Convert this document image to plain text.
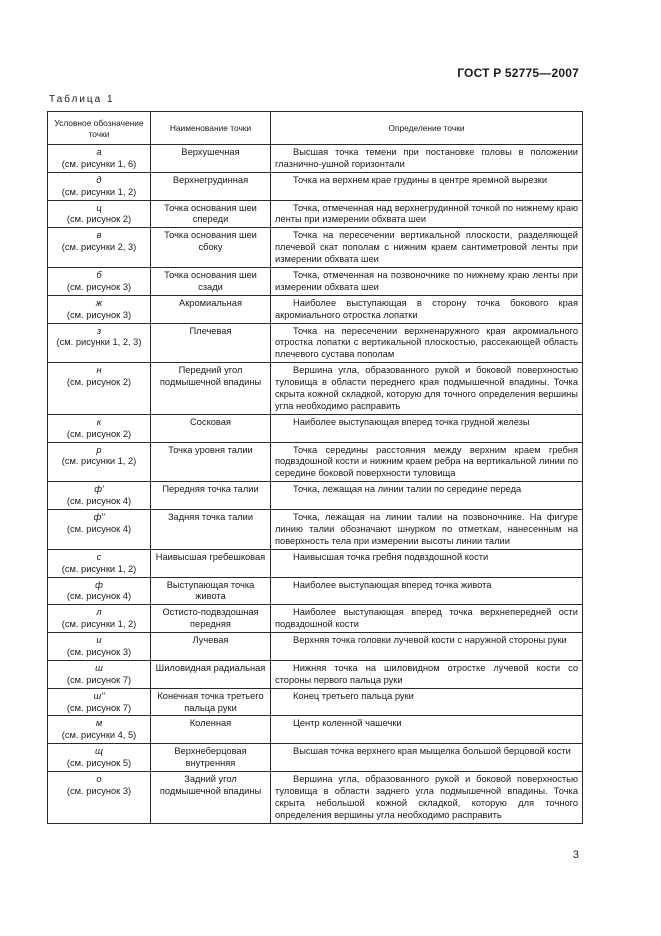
ГОСТ Р 52775—2007
Таблица 1
Условное обозначение точки	Наименование точки	Определение точки

а
(см. рисунки 1, 6)	Верхушечная	Высшая точка темени при постановке головы в положении глазнично-ушной горизонтали

д
(см. рисунки 1, 2)	Верхнегрудинная	Точка на верхнем крае грудины в центре яремной вырезки

ц
(см. рисунок 2)	Точка основания шеи спереди	Точка, отмеченная над верхнегрудинной точкой по нижнему краю ленты при измерении обхвата шеи

в
(см. рисунки 2, 3)	Точка основания шеи сбоку	Точка на пересечении вертикальной плоскости, разделяющей плечевой скат пополам с нижним краем сантиметровой ленты при измерении обхвата шеи

б
(см. рисунок 3)	Точка основания шеи сзади	Точка, отмеченная на позвоночнике по нижнему краю ленты при измерении обхвата шеи

ж
(см. рисунок 3)	Акромиальная	Наиболее выступающая в сторону точка бокового края акромиального отростка лопатки

з
(см. рисунки 1, 2, 3)	Плечевая	Точка на пересечении верхненаружного края акромиального отростка лопатки с вертикальной плоскостью, рассекающей область плечевого сустава пополам

н
(см. рисунок 2)	Передний угол подмышечной впадины	Вершина угла, образованного рукой и боковой поверхностью туловища в области переднего края подмышечной впадины. Точка скрыта кожной складкой, которую для точного определения вершины угла необходимо расправить

к
(см. рисунок 2)	Сосковая	Наиболее выступающая вперед точка грудной железы

р
(см. рисунки 1, 2)	Точка уровня талии	Точка середины расстояния между верхним краем гребня подвздошной кости и нижним краем ребра на вертикальной линии по середине боковой поверхности туловища

ф'
(см. рисунок 4)	Передняя точка талии	Точка, лежащая на линии талии по середине переда

ф"
(см. рисунок 4)	Задняя точка талии	Точка, лежащая на линии талии на позвоночнике. На фигуре линию талии обозначают шнурком по отметкам, нанесенным на поверхность тела при измерении высоты линии талии

с
(см. рисунки 1, 2)	Наивысшая гребешковая	Наивысшая точка гребня подвздошной кости

ф
(см. рисунок 4)	Выступающая точка живота	Наиболее выступающая вперед точка живота

л
(см. рисунки 1, 2)	Остисто-подвздошная передняя	Наиболее выступающая вперед точка верхнепередней ости подвздошной кости

и
(см. рисунок 3)	Лучевая	Верхняя точка головки лучевой кости с наружной стороны руки

ш
(см. рисунок 7)	Шиловидная радиальная	Нижняя точка на шиловидном отростке лучевой кости со стороны первого пальца руки

ш"
(см. рисунок 7)	Конечная точка третьего пальца руки	Конец третьего пальца руки

м
(см. рисунки 4, 5)	Коленная	Центр коленной чашечки

щ
(см. рисунок 5)	Верхнеберцовая внутренняя	Высшая точка верхнего края мыщелка большой берцовой кости

о
(см. рисунок 3)	Задний угол подмышечной впадины	Вершина угла, образованного рукой и боковой поверхностью туловища в области заднего угла подмышечной впадины. Точка скрыта небольшой кожной складкой, которую для точного определения вершины угла необходимо расправить
3
